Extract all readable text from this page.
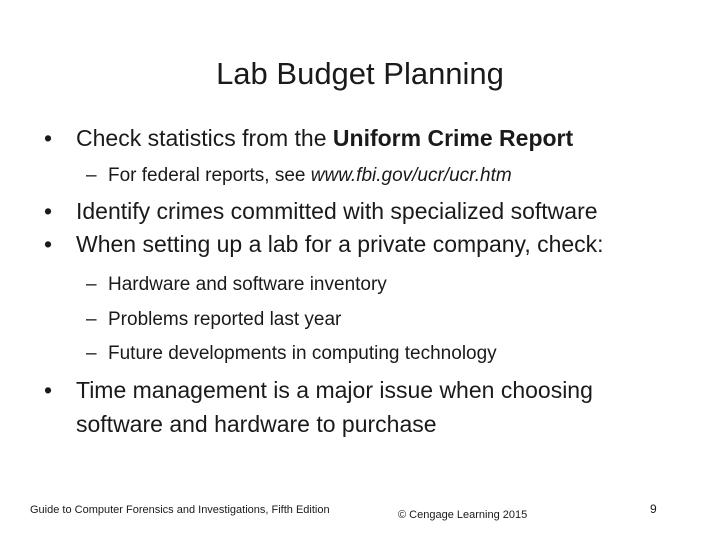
Lab Budget Planning
• Check statistics from the Uniform Crime Report
– For federal reports, see www.fbi.gov/ucr/ucr.htm
• Identify crimes committed with specialized software
• When setting up a lab for a private company, check:
– Hardware and software inventory
– Problems reported last year
– Future developments in computing technology
• Time management is a major issue when choosing
software and hardware to purchase
Guide to Computer Forensics and Investigations, Fifth Edition	© Cengage Learning 2015	9
